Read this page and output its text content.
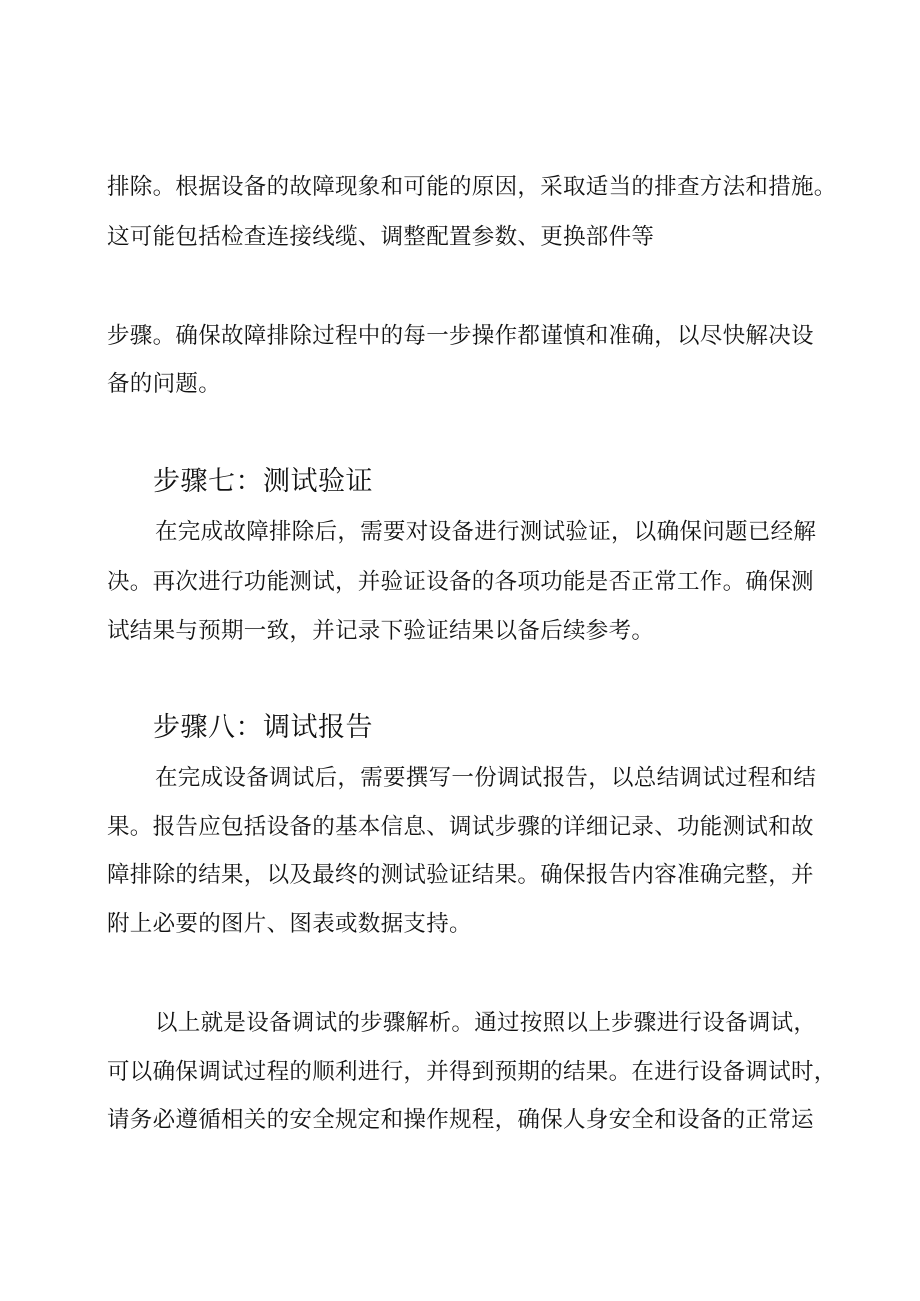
排除。根据设备的故障现象和可能的原因，采取适当的排查方法和措施。
这可能包括检查连接线缆、调整配置参数、更换部件等
步骤。确保故障排除过程中的每一步操作都谨慎和准确，以尽快解决设
备的问题。
步骤七：测试验证
在完成故障排除后，需要对设备进行测试验证，以确保问题已经解
决。再次进行功能测试，并验证设备的各项功能是否正常工作。确保测
试结果与预期一致，并记录下验证结果以备后续参考。
步骤八：调试报告
在完成设备调试后，需要撰写一份调试报告，以总结调试过程和结
果。报告应包括设备的基本信息、调试步骤的详细记录、功能测试和故
障排除的结果，以及最终的测试验证结果。确保报告内容准确完整，并
附上必要的图片、图表或数据支持。
以上就是设备调试的步骤解析。通过按照以上步骤进行设备调试，
可以确保调试过程的顺利进行，并得到预期的结果。在进行设备调试时，
请务必遵循相关的安全规定和操作规程，确保人身安全和设备的正常运
